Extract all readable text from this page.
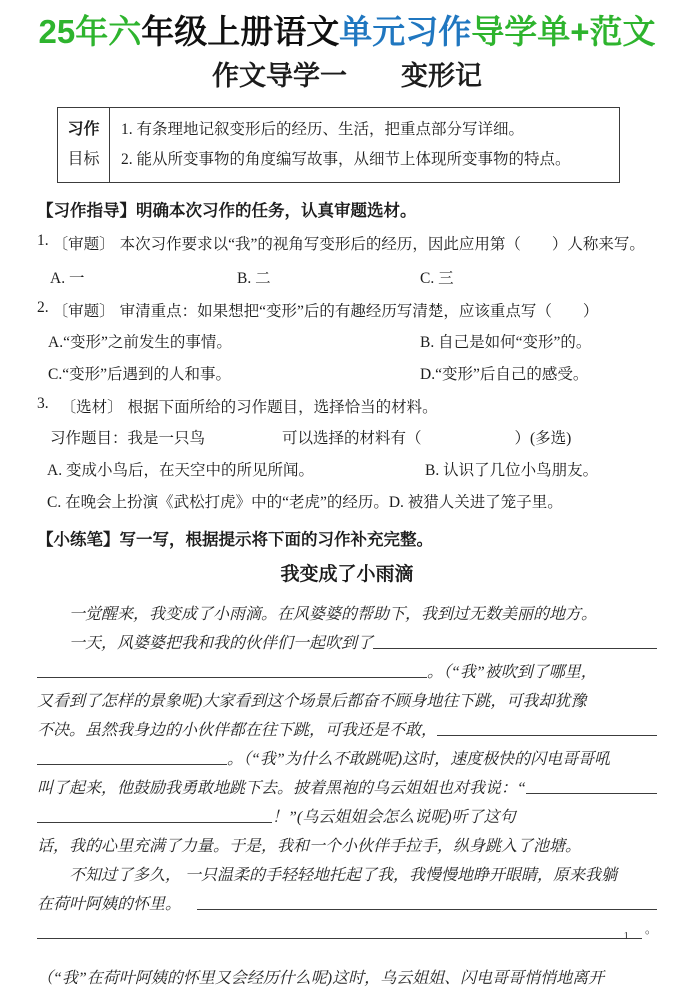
25年六年级上册语文单元习作导学单+范文
作文导学一　　变形记
习作
目标
1. 有条理地记叙变形后的经历、生活，把重点部分写详细。
2. 能从所变事物的角度编写故事，从细节上体现所变事物的特点。
【习作指导】明确本次习作的任务，认真审题选材。
1. 〔审题〕 本次习作要求以“我”的视角写变形后的经历，因此应用第（　　）人称来写。
A. 一	B. 二	C. 三
2. 〔审题〕 审清重点：如果想把“变形”后的有趣经历写清楚，应该重点写（　　）
A.“变形”之前发生的事情。	B. 自己是如何“变形”的。
C.“变形”后遇到的人和事。	D.“变形”后自己的感受。
3. 〔选材〕 根据下面所给的习作题目，选择恰当的材料。
习作题目：我是一只鸟	可以选择的材料有（　　　　　　）(多选)
A. 变成小鸟后，在天空中的所见所闻。	B. 认识了几位小鸟朋友。
C. 在晚会上扮演《武松打虎》中的“老虎”的经历。 D. 被猎人关进了笼子里。
【小练笔】写一写，根据提示将下面的习作补充完整。
我变成了小雨滴
　　一觉醒来，我变成了小雨滴。在风婆婆的帮助下，我到过无数美丽的地方。
　　一天，风婆婆把我和我的伙伴们一起吹到了
。（“我”被吹到了哪里，
又看到了怎样的景象呢)大家看到这个场景后都奋不顾身地往下跳，可我却犹豫
不决。虽然我身边的小伙伴都在往下跳，可我还是不敢，
。（“我”为什么不敢跳呢)这时，速度极快的闪电哥哥吼
叫了起来，他鼓励我勇敢地跳下去。披着黑袍的乌云姐姐也对我说：“
！”(乌云姐姐会怎么说呢)听了这句
话，我的心里充满了力量。于是，我和一个小伙伴手拉手，纵身跳入了池塘。
　　不知过了多久， 一只温柔的手轻轻地托起了我，我慢慢地睁开眼睛，原来我躺
在荷叶阿姨的怀里。
。
（“我”在荷叶阿姨的怀里又会经历什么呢)这时，乌云姐姐、闪电哥哥悄悄地离开
1
